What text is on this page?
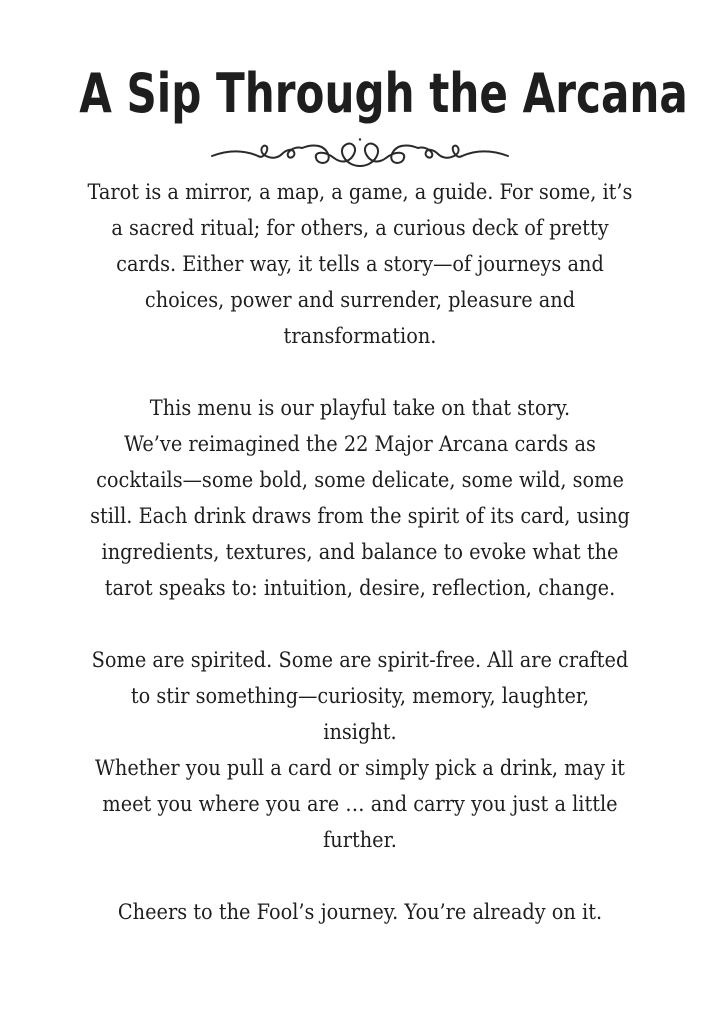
A Sip Through the Arcana

Tarot is a mirror, a map, a game, a guide. For some, it’s

a sacred ritual; for others, a curious deck of pretty

cards. Either way, it tells a story—of journeys and

choices, power and surrender, pleasure and

transformation.

This menu is our playful take on that story.

We’ve reimagined the 22 Major Arcana cards as

cocktails—some bold, some delicate, some wild, some

still. Each drink draws from the spirit of its card, using

ingredients, textures, and balance to evoke what the

tarot speaks to: intuition, desire, reflection, change.

Some are spirited. Some are spirit-free. All are crafted

to stir something—curiosity, memory, laughter,

insight.

Whether you pull a card or simply pick a drink, may it

meet you where you are … and carry you just a little

further.

Cheers to the Fool’s journey. You’re already on it.
